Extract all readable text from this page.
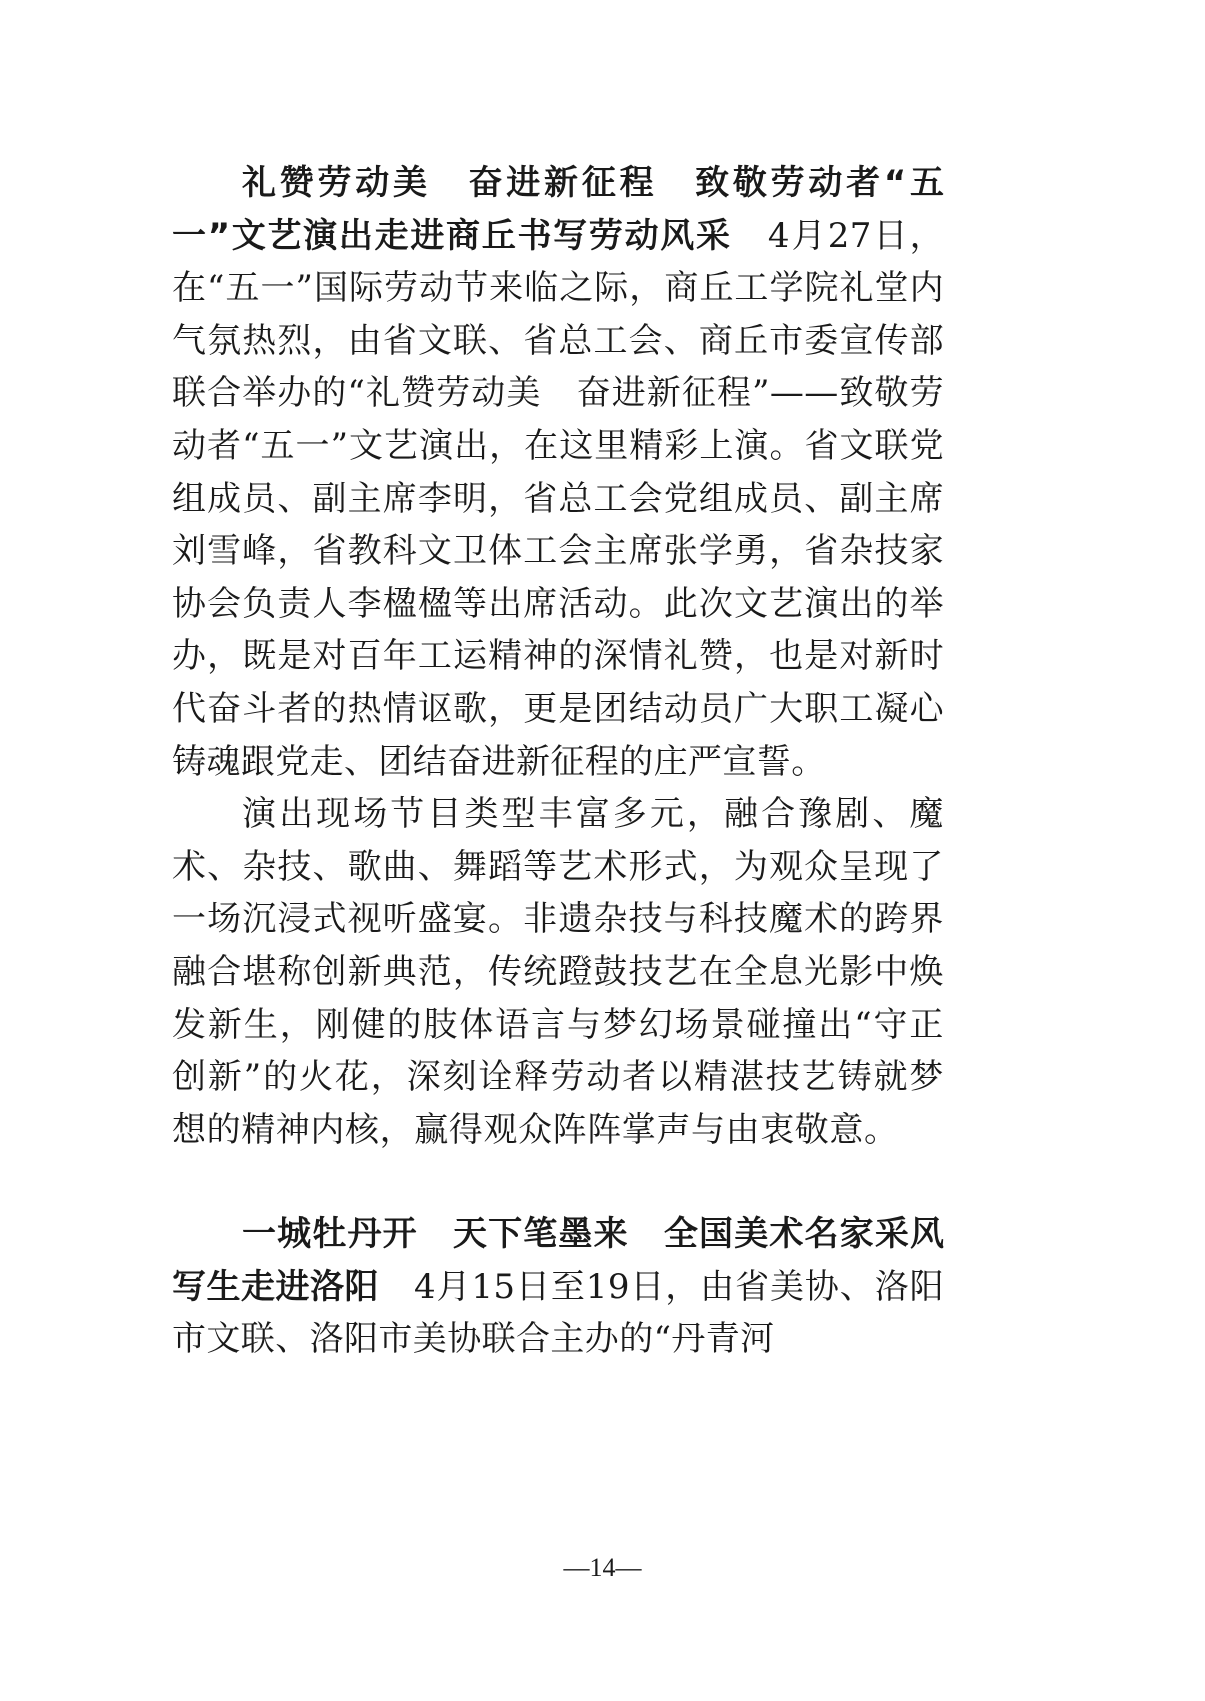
礼赞劳动美　奋进新征程　致敬劳动者“五一”文艺演出走进商丘书写劳动风采　4月27日，在“五一”国际劳动节来临之际，商丘工学院礼堂内气氛热烈，由省文联、省总工会、商丘市委宣传部联合举办的“礼赞劳动美　奋进新征程”——致敬劳动者“五一”文艺演出，在这里精彩上演。省文联党组成员、副主席李明，省总工会党组成员、副主席刘雪峰，省教科文卫体工会主席张学勇，省杂技家协会负责人李楹楹等出席活动。此次文艺演出的举办，既是对百年工运精神的深情礼赞，也是对新时代奋斗者的热情讴歌，更是团结动员广大职工凝心铸魂跟党走、团结奋进新征程的庄严宣誓。

演出现场节目类型丰富多元，融合豫剧、魔术、杂技、歌曲、舞蹈等艺术形式，为观众呈现了一场沉浸式视听盛宴。非遗杂技与科技魔术的跨界融合堪称创新典范，传统蹬鼓技艺在全息光影中焕发新生，刚健的肢体语言与梦幻场景碰撞出“守正创新”的火花，深刻诠释劳动者以精湛技艺铸就梦想的精神内核，赢得观众阵阵掌声与由衷敬意。

一城牡丹开　天下笔墨来　全国美术名家采风写生走进洛阳　4月15日至19日，由省美协、洛阳市文联、洛阳市美协联合主办的“丹青河

—14—
